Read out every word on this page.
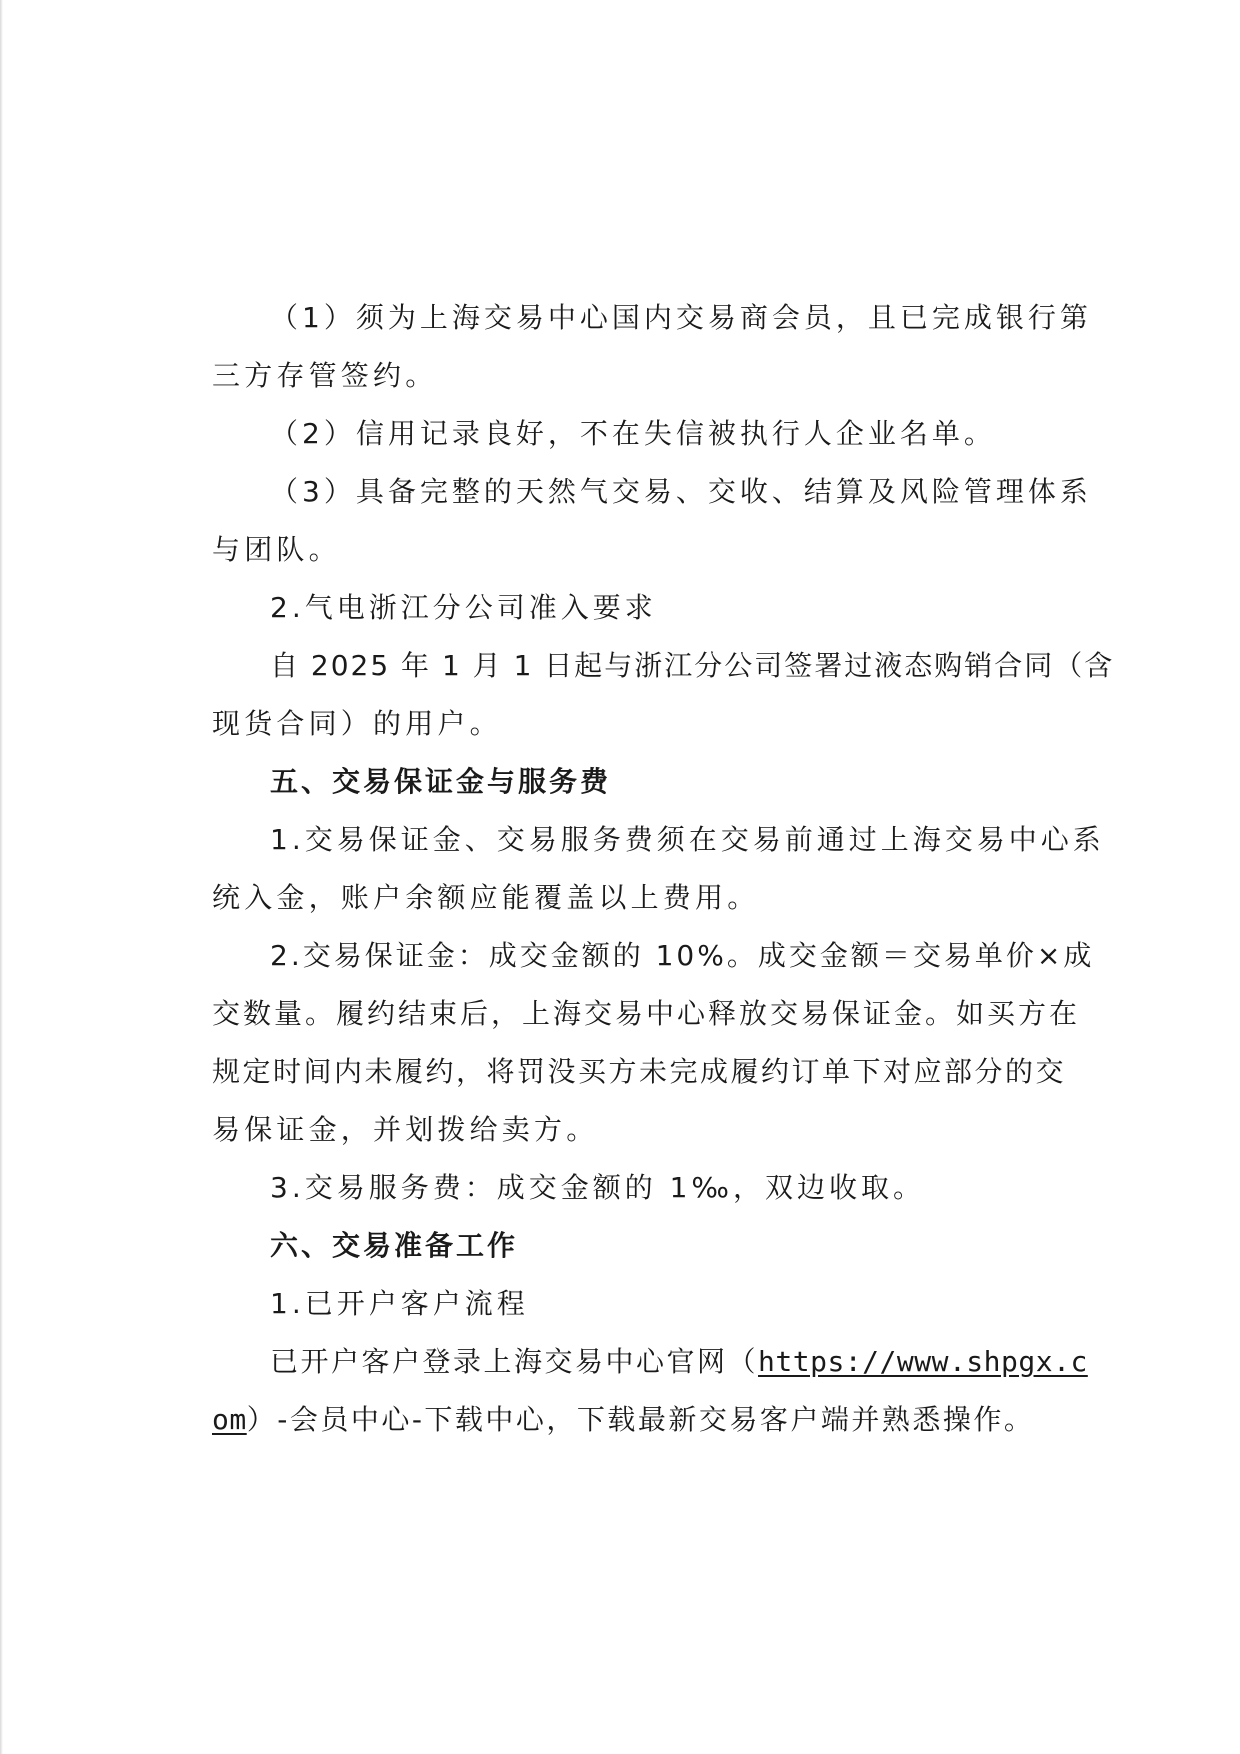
（1）须为上海交易中心国内交易商会员，且已完成银行第
三方存管签约。
（2）信用记录良好，不在失信被执行人企业名单。
（3）具备完整的天然气交易、交收、结算及风险管理体系
与团队。
2.气电浙江分公司准入要求
自 2025 年 1 月 1 日起与浙江分公司签署过液态购销合同（含
现货合同）的用户。
五、交易保证金与服务费
1.交易保证金、交易服务费须在交易前通过上海交易中心系
统入金，账户余额应能覆盖以上费用。
2.交易保证金：成交金额的 10%。成交金额＝交易单价×成
交数量。履约结束后，上海交易中心释放交易保证金。如买方在
规定时间内未履约，将罚没买方未完成履约订单下对应部分的交
易保证金，并划拨给卖方。
3.交易服务费：成交金额的 1‰，双边收取。
六、交易准备工作
1.已开户客户流程
已开户客户登录上海交易中心官网（https://www.shpgx.c
om）-会员中心-下载中心，下载最新交易客户端并熟悉操作。
